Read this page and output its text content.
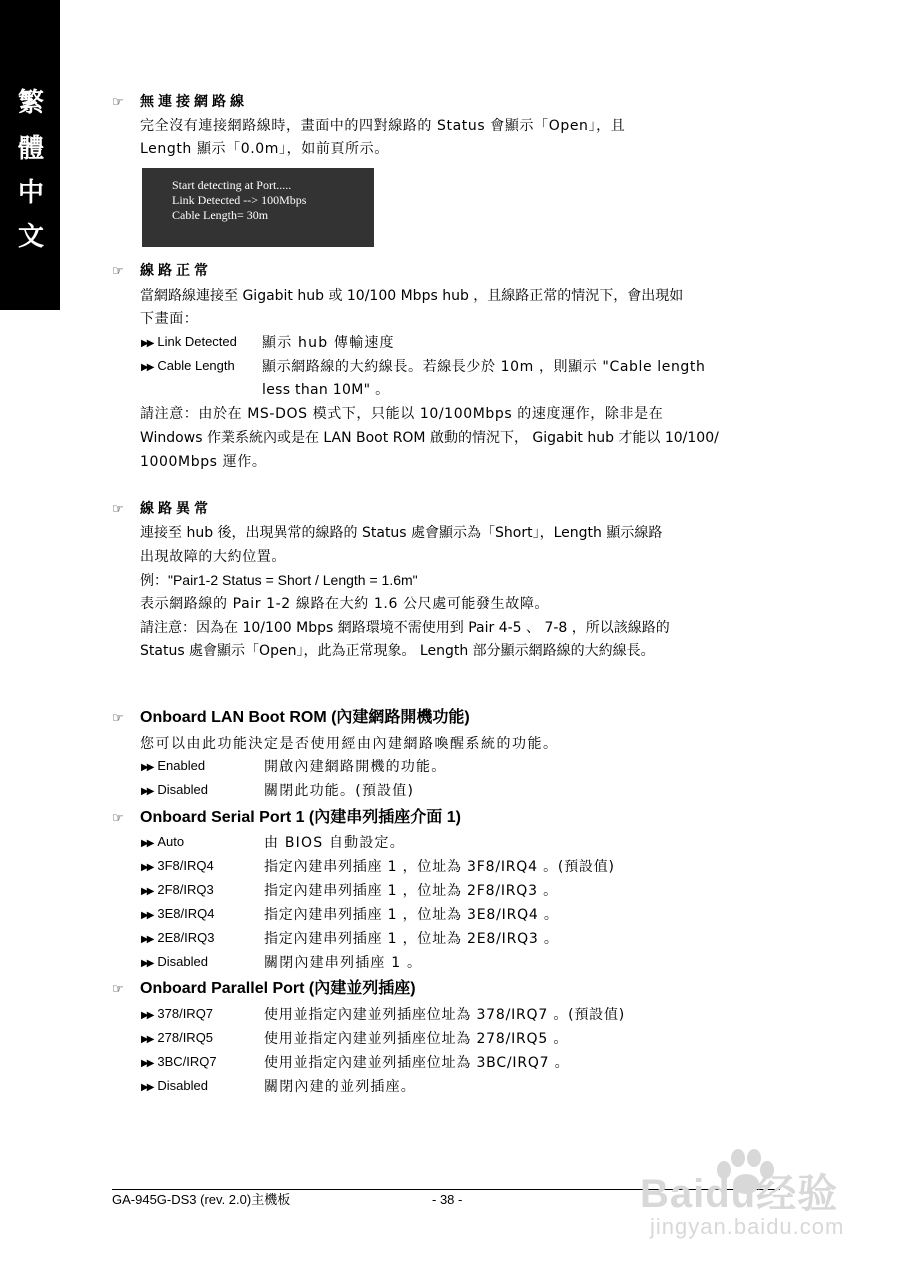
繁
體
中
文
☞ 無連接網路線
完全沒有連接網路線時，畫面中的四對線路的 Status 會顯示「Open」，且
Length 顯示「0.0m」，如前頁所示。
Start detecting at Port.....
Link Detected --> 100Mbps
Cable Length= 30m
☞ 線路正常
當網路線連接至 Gigabit hub 或 10/100 Mbps hub ，且線路正常的情況下，會出現如
下畫面：
▶▶ Link Detected 顯示 hub 傳輸速度
▶▶ Cable Length 顯示網路線的大約線長。若線長少於 10m ，則顯示 "Cable length
less than 10M" 。
請注意：由於在 MS-DOS 模式下，只能以 10/100Mbps 的速度運作，除非是在
Windows 作業系統內或是在 LAN Boot ROM 啟動的情況下， Gigabit hub 才能以 10/100/
1000Mbps 運作。
☞ 線路異常
連接至 hub 後，出現異常的線路的 Status 處會顯示為「Short」，Length 顯示線路
出現故障的大約位置。
例："Pair1-2 Status = Short / Length = 1.6m"
表示網路線的 Pair 1-2 線路在大約 1.6 公尺處可能發生故障。
請注意：因為在 10/100 Mbps 網路環境不需使用到 Pair 4-5 、 7-8 ，所以該線路的
Status 處會顯示「Open」，此為正常現象。 Length 部分顯示網路線的大約線長。
☞ Onboard LAN Boot ROM (內建網路開機功能)
您可以由此功能決定是否使用經由內建網路喚醒系統的功能。
▶▶ Enabled	開啟內建網路開機的功能。
▶▶ Disabled	關閉此功能。(預設值)
☞ Onboard Serial Port 1 (內建串列插座介面 1)
▶▶ Auto	由 BIOS 自動設定。
▶▶ 3F8/IRQ4	指定內建串列插座 1 ，位址為 3F8/IRQ4 。(預設值)
▶▶ 2F8/IRQ3	指定內建串列插座 1 ，位址為 2F8/IRQ3 。
▶▶ 3E8/IRQ4	指定內建串列插座 1 ，位址為 3E8/IRQ4 。
▶▶ 2E8/IRQ3	指定內建串列插座 1 ，位址為 2E8/IRQ3 。
▶▶ Disabled	關閉內建串列插座 1 。
☞ Onboard Parallel Port (內建並列插座)
▶▶ 378/IRQ7	使用並指定內建並列插座位址為 378/IRQ7 。(預設值)
▶▶ 278/IRQ5	使用並指定內建並列插座位址為 278/IRQ5 。
▶▶ 3BC/IRQ7	使用並指定內建並列插座位址為 3BC/IRQ7 。
▶▶ Disabled	關閉內建的並列插座。
GA-945G-DS3 (rev. 2.0)主機板	- 38 -	Baidu经验
jingyan.baidu.com
